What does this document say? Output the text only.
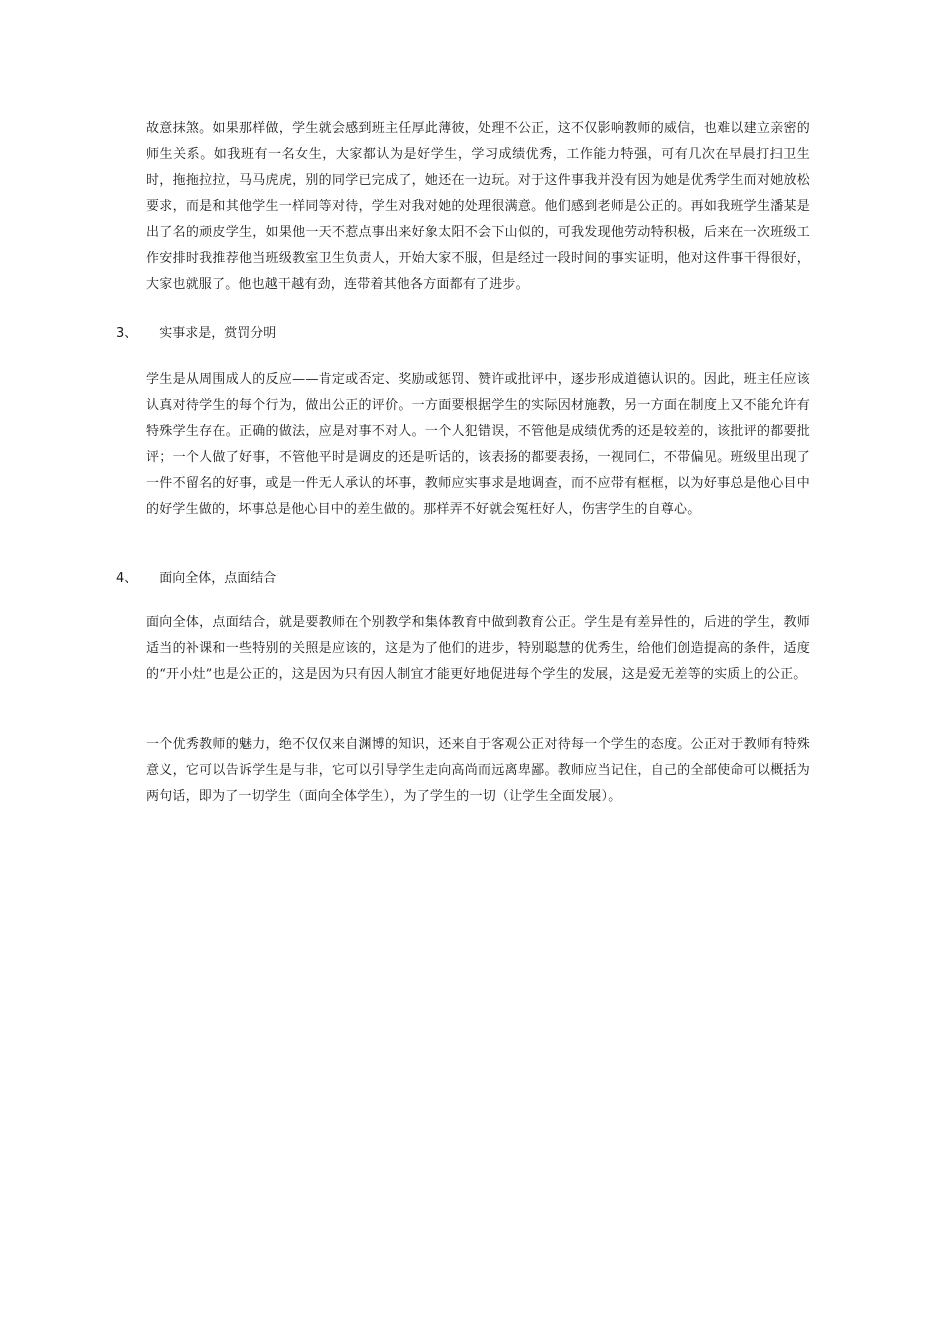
故意抹煞。如果那样做，学生就会感到班主任厚此薄彼，处理不公正，这不仅影响教师的威信，也难以建立亲密的师生关系。如我班有一名女生，大家都认为是好学生，学习成绩优秀，工作能力特强，可有几次在早晨打扫卫生时，拖拖拉拉，马马虎虎，别的同学已完成了，她还在一边玩。对于这件事我并没有因为她是优秀学生而对她放松要求，而是和其他学生一样同等对待，学生对我对她的处理很满意。他们感到老师是公正的。再如我班学生潘某是出了名的顽皮学生，如果他一天不惹点事出来好象太阳不会下山似的，可我发现他劳动特积极，后来在一次班级工作安排时我推荐他当班级教室卫生负责人，开始大家不服，但是经过一段时间的事实证明，他对这件事干得很好，大家也就服了。他也越干越有劲，连带着其他各方面都有了进步。

3、 实事求是，赏罚分明

学生是从周围成人的反应——肯定或否定、奖励或惩罚、赞许或批评中，逐步形成道德认识的。因此，班主任应该认真对待学生的每个行为，做出公正的评价。一方面要根据学生的实际因材施教，另一方面在制度上又不能允许有特殊学生存在。正确的做法，应是对事不对人。一个人犯错误，不管他是成绩优秀的还是较差的，该批评的都要批评；一个人做了好事，不管他平时是调皮的还是听话的，该表扬的都要表扬，一视同仁，不带偏见。班级里出现了一件不留名的好事，或是一件无人承认的坏事，教师应实事求是地调查，而不应带有框框，以为好事总是他心目中的好学生做的，坏事总是他心目中的差生做的。那样弄不好就会冤枉好人，伤害学生的自尊心。

4、 面向全体，点面结合

面向全体，点面结合，就是要教师在个别教学和集体教育中做到教育公正。学生是有差异性的，后进的学生，教师适当的补课和一些特别的关照是应该的，这是为了他们的进步，特别聪慧的优秀生，给他们创造提高的条件，适度的“开小灶”也是公正的，这是因为只有因人制宜才能更好地促进每个学生的发展，这是爱无差等的实质上的公正。

一个优秀教师的魅力，绝不仅仅来自渊博的知识，还来自于客观公正对待每一个学生的态度。公正对于教师有特殊意义，它可以告诉学生是与非，它可以引导学生走向高尚而远离卑鄙。教师应当记住，自己的全部使命可以概括为两句话，即为了一切学生（面向全体学生），为了学生的一切（让学生全面发展）。
